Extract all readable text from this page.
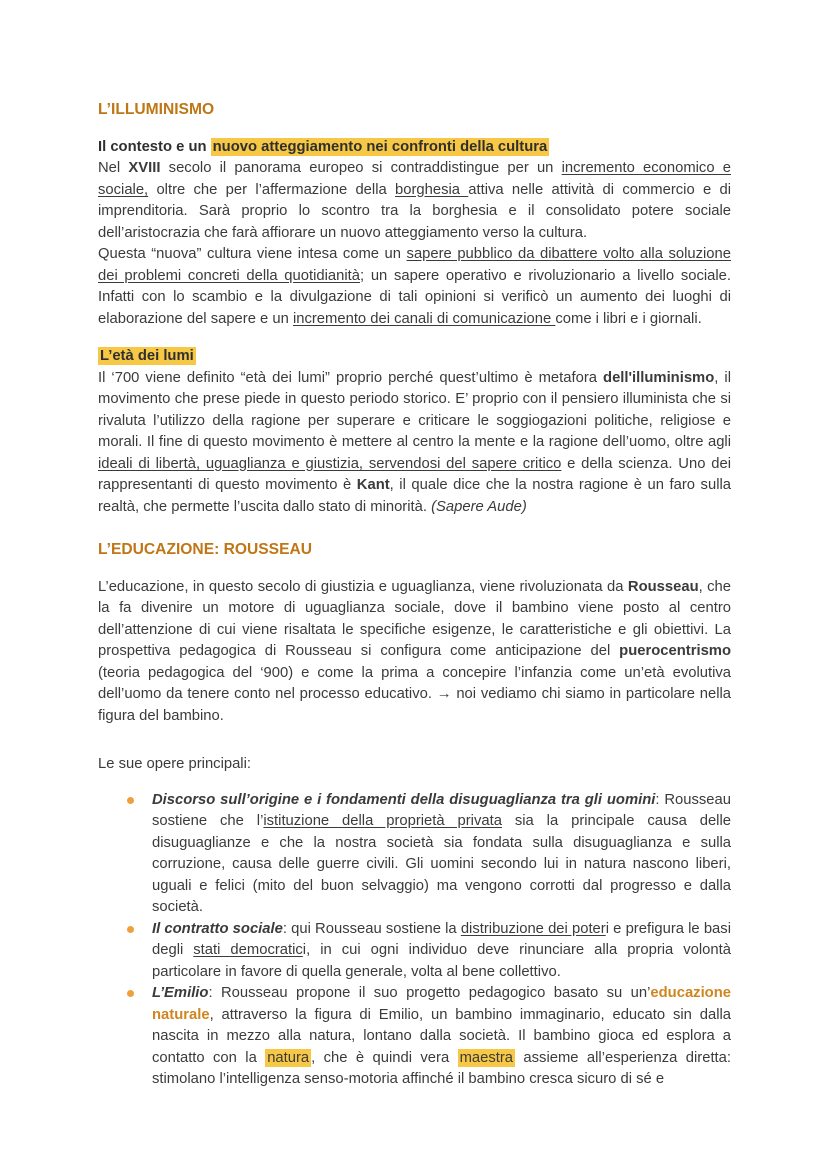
L’ILLUMINISMO
Il contesto e un nuovo atteggiamento nei confronti della cultura
Nel XVIII secolo il panorama europeo si contraddistingue per un incremento economico e sociale, oltre che per l’affermazione della borghesia attiva nelle attività di commercio e di imprenditoria. Sarà proprio lo scontro tra la borghesia e il consolidato potere sociale dell’aristocrazia che farà affiorare un nuovo atteggiamento verso la cultura.
Questa “nuova” cultura viene intesa come un sapere pubblico da dibattere volto alla soluzione dei problemi concreti della quotidianità; un sapere operativo e rivoluzionario a livello sociale. Infatti con lo scambio e la divulgazione di tali opinioni si verificò un aumento dei luoghi di elaborazione del sapere e un incremento dei canali di comunicazione come i libri e i giornali.
L’età dei lumi
Il ‘700 viene definito “età dei lumi” proprio perché quest’ultimo è metafora dell'illuminismo, il movimento che prese piede in questo periodo storico. E’ proprio con il pensiero illuminista che si rivaluta l’utilizzo della ragione per superare e criticare le soggiogazioni politiche, religiose e morali. Il fine di questo movimento è mettere al centro la mente e la ragione dell’uomo, oltre agli ideali di libertà, uguaglianza e giustizia, servendosi del sapere critico e della scienza. Uno dei rappresentanti di questo movimento è Kant, il quale dice che la nostra ragione è un faro sulla realtà, che permette l’uscita dallo stato di minorità. (Sapere Aude)
L’EDUCAZIONE: ROUSSEAU
L’educazione, in questo secolo di giustizia e uguaglianza, viene rivoluzionata da Rousseau, che la fa divenire un motore di uguaglianza sociale, dove il bambino viene posto al centro dell’attenzione di cui viene risaltata le specifiche esigenze, le caratteristiche e gli obiettivi. La prospettiva pedagogica di Rousseau si configura come anticipazione del puerocentrismo (teoria pedagogica del ‘900) e come la prima a concepire l’infanzia come un’età evolutiva dell’uomo da tenere conto nel processo educativo. → noi vediamo chi siamo in particolare nella figura del bambino.
Le sue opere principali:
Discorso sull’origine e i fondamenti della disuguaglianza tra gli uomini: Rousseau sostiene che l’istituzione della proprietà privata sia la principale causa delle disuguaglianze e che la nostra società sia fondata sulla disuguaglianza e sulla corruzione, causa delle guerre civili. Gli uomini secondo lui in natura nascono liberi, uguali e felici (mito del buon selvaggio) ma vengono corrotti dal progresso e dalla società.
Il contratto sociale: qui Rousseau sostiene la distribuzione dei poteri e prefigura le basi degli stati democratici, in cui ogni individuo deve rinunciare alla propria volontà particolare in favore di quella generale, volta al bene collettivo.
L’Emilio: Rousseau propone il suo progetto pedagogico basato su un’educazione naturale, attraverso la figura di Emilio, un bambino immaginario, educato sin dalla nascita in mezzo alla natura, lontano dalla società. Il bambino gioca ed esplora a contatto con la natura , che è quindi vera maestra assieme all’esperienza diretta: stimolano l’intelligenza senso-motoria affinché il bambino cresca sicuro di sé e
